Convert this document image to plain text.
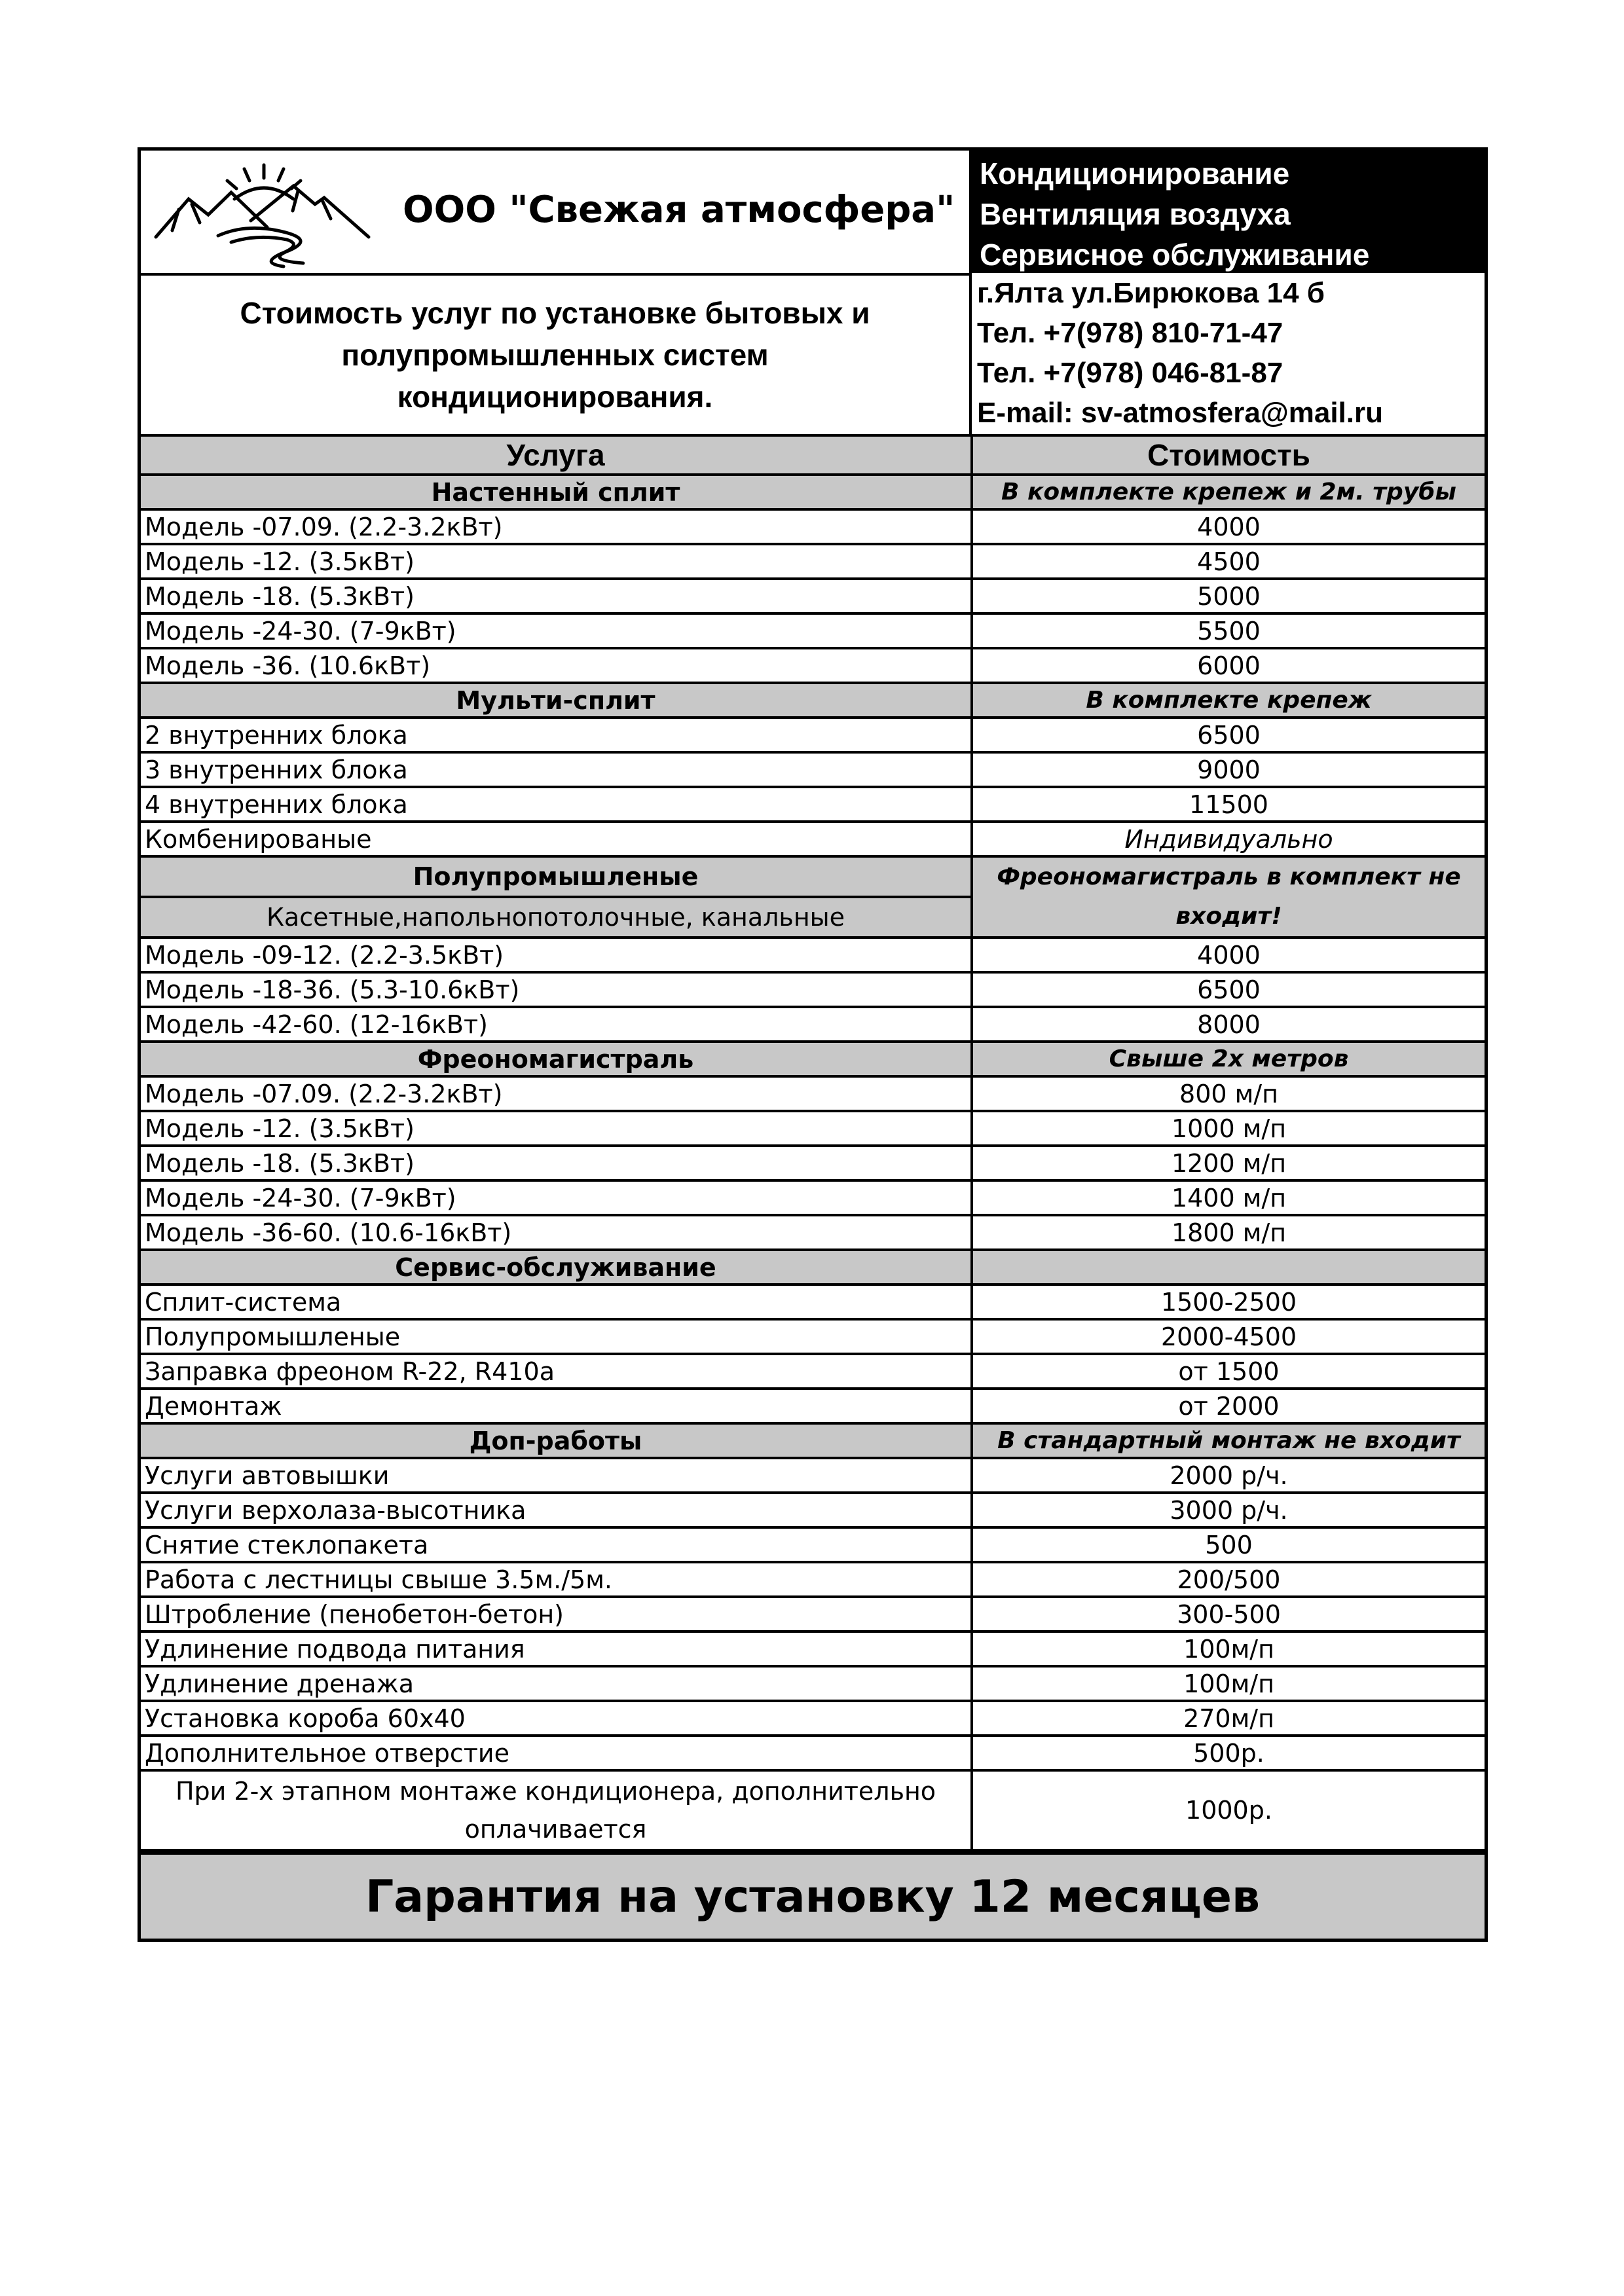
ООО "Свежая атмосфера"
Стоимость услуг по установке бытовых и
полупромышленных систем
кондиционирования.
Кондиционирование
Вентиляция воздуха
Сервисное обслуживание
г.Ялта ул.Бирюкова 14 б
Тел. +7(978) 810-71-47
Тел. +7(978) 046-81-87
E-mail: sv-atmosfera@mail.ru
Услуга	Стоимость
Настенный сплит	В комплекте крепеж и 2м. трубы
Модель -07.09. (2.2-3.2кВт)	4000
Модель -12. (3.5кВт)	4500
Модель -18. (5.3кВт)	5000
Модель -24-30. (7-9кВт)	5500
Модель -36. (10.6кВт)	6000
Мульти-сплит	В комплекте крепеж
2 внутренних блока	6500
3 внутренних блока	9000
4 внутренних блока	11500
Комбенированые	Индивидуально
Полупромышленые	Фреономагистраль в комплект не входит!
Касетные,напольнопотолочные, канальные	
Модель -09-12. (2.2-3.5кВт)	4000
Модель -18-36. (5.3-10.6кВт)	6500
Модель -42-60. (12-16кВт)	8000
Фреономагистраль	Свыше 2х метров
Модель -07.09. (2.2-3.2кВт)	800 м/п
Модель -12. (3.5кВт)	1000 м/п
Модель -18. (5.3кВт)	1200 м/п
Модель -24-30. (7-9кВт)	1400 м/п
Модель -36-60. (10.6-16кВт)	1800 м/п
Сервис-обслуживание	
Сплит-система	1500-2500
Полупромышленые	2000-4500
Заправка фреоном R-22, R410a	от 1500
Демонтаж	от 2000
Доп-работы	В стандартный монтаж не входит
Услуги автовышки	2000 р/ч.
Услуги верхолаза-высотника	3000 р/ч.
Снятие стеклопакета	500
Работа с лестницы свыше 3.5м./5м.	200/500
Штробление (пенобетон-бетон)	300-500
Удлинение подвода питания	100м/п
Удлинение дренажа	100м/п
Установка короба 60х40	270м/п
Дополнительное отверстие	500р.
При 2-х этапном монтаже кондиционера, дополнительно оплачивается	1000р.
Гарантия на установку 12 месяцев
